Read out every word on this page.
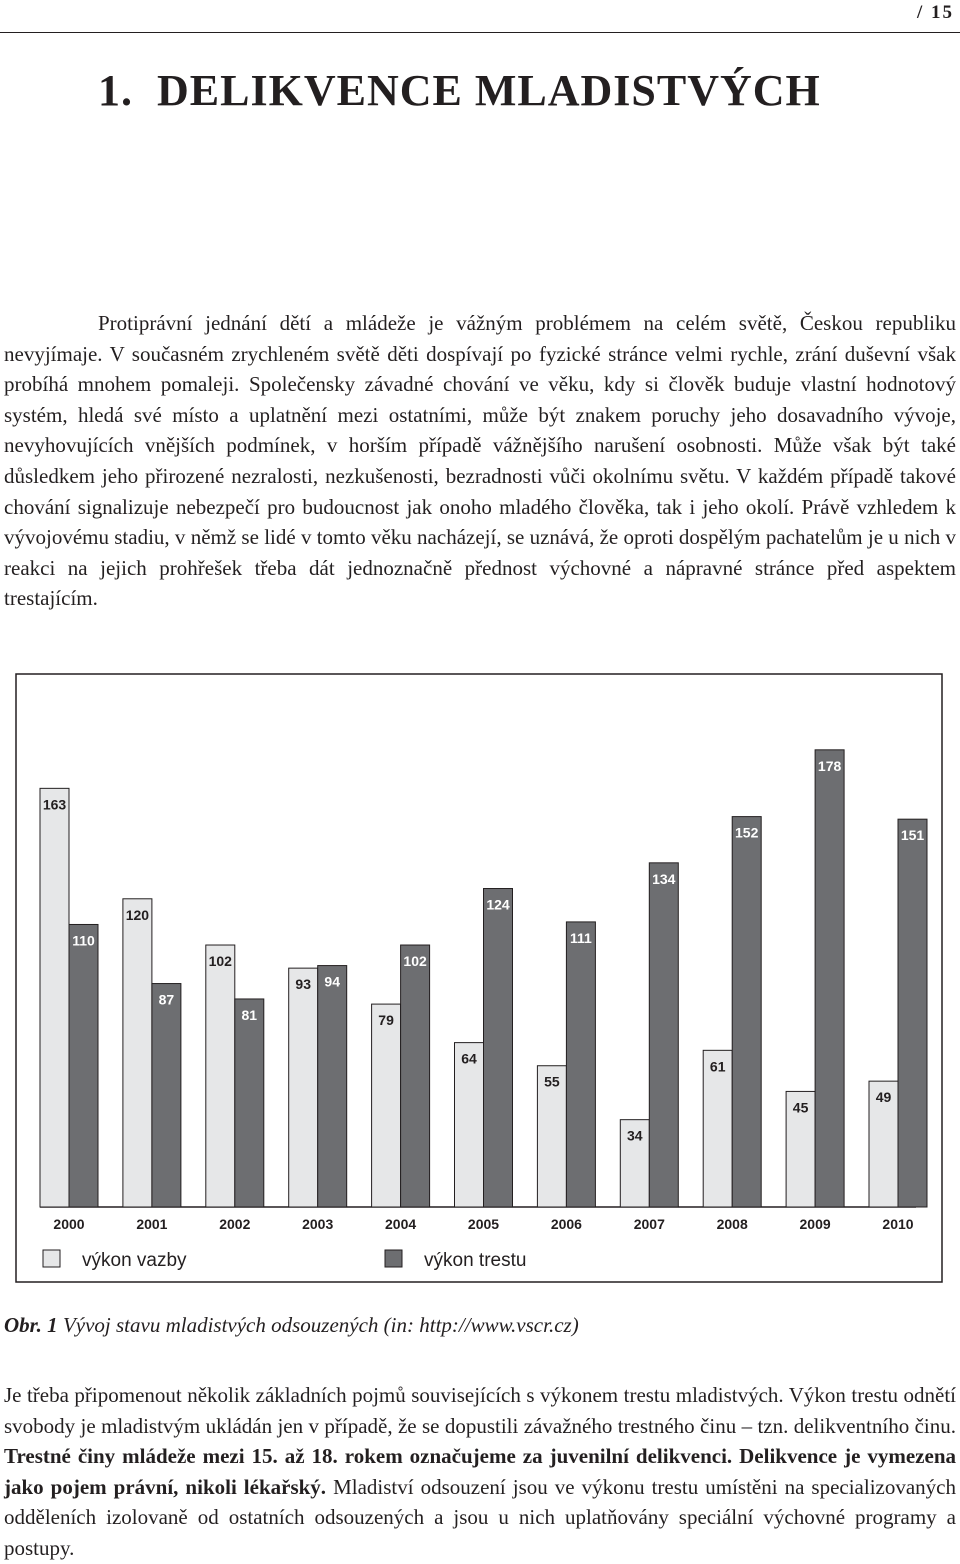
/ 15
1.  DELIKVENCE MLADISTVÝCH

Protiprávní jednání dětí a mládeže je vážným problémem na celém světě, Českou republiku nevyjímaje. V současném zrychleném světě děti dospívají po fyzické stránce velmi rychle, zrání duševní však probíhá mnohem pomaleji. Společensky závadné chování ve věku, kdy si člověk buduje vlastní hodnotový systém, hledá své místo a uplatnění mezi ostatními, může být znakem poruchy jeho dosavadního vývoje, nevyhovujících vnějších podmínek, v horším případě vážnějšího narušení osobnosti. Může však být také důsledkem jeho přirozené nezralosti, nezkušenosti, bezradnosti vůči okolnímu světu. V každém případě takové chování signalizuje nebezpečí pro budoucnost jak onoho mladého člověka, tak i jeho okolí. Právě vzhledem k vývojovému stadiu, v němž se lidé v tomto věku nacházejí, se uznává, že oproti dospělým pachatelům je u nich v reakci na jejich prohřešek třeba dát jednoznačně přednost výchovné a nápravné stránce před aspektem trestajícím.

163
110
120
87
102
81
93 94
79
102
64
124
55
111
34
134
61
152
45
178
49
151
2000	2001	2002	2003	2004	2005	2006	2007	2008	2009	2010
výkon vazby	výkon trestu

Obr. 1 Vývoj stavu mladistvých odsouzených (in: http://www.vscr.cz)

Je třeba připomenout několik základních pojmů souvisejících s výkonem trestu mladistvých. Výkon trestu odnětí svobody je mladistvým ukládán jen v případě, že se dopustili závažného trestného činu – tzn. delikventního činu. Trestné činy mládeže mezi 15. až 18. rokem označujeme za juvenilní delikvenci. Delikvence je vymezena jako pojem právní, nikoli lékařský. Mladiství odsouzení jsou ve výkonu trestu umístěni na specializovaných odděleních izolovaně od ostatních odsouzených a jsou u nich uplatňovány speciální výchovné programy a postupy.
